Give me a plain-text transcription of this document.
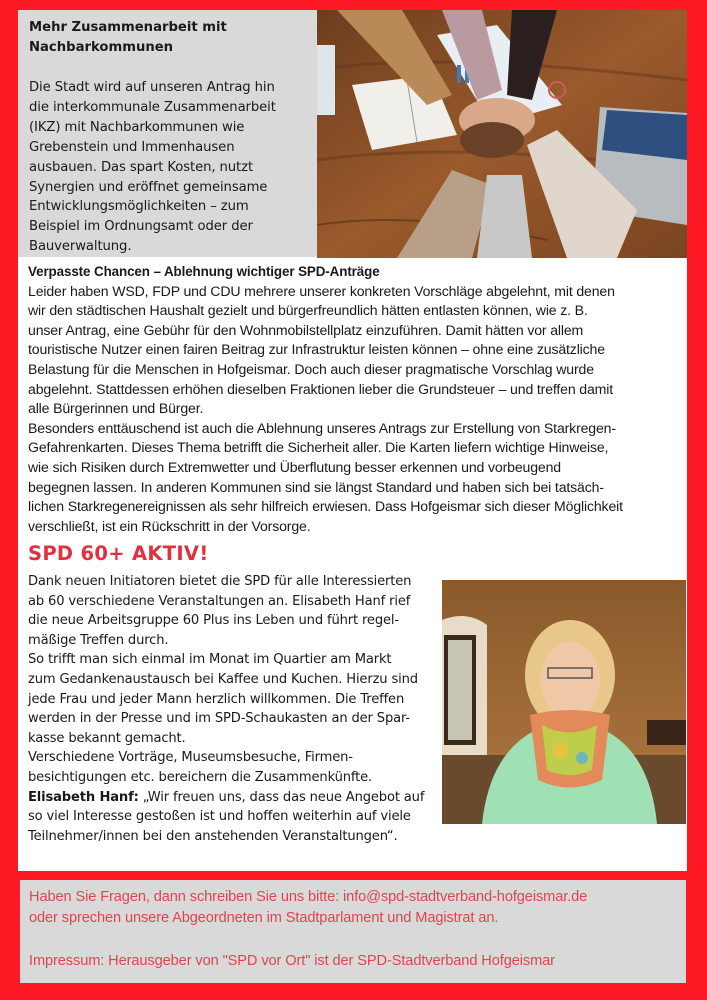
Mehr Zusammenarbeit mit
Nachbarkommunen

Die Stadt wird auf unseren Antrag hin
die interkommunale Zusammenarbeit
(IKZ) mit Nachbarkommunen wie
Grebenstein und Immenhausen
ausbauen. Das spart Kosten, nutzt
Synergien und eröffnet gemeinsame
Entwicklungsmöglichkeiten – zum
Beispiel im Ordnungsamt oder der
Bauverwaltung.

Verpasste Chancen – Ablehnung wichtiger SPD-Anträge

Leider haben WSD, FDP und CDU mehrere unserer konkreten Vorschläge abgelehnt, mit denen
wir den städtischen Haushalt gezielt und bürgerfreundlich hätten entlasten können, wie z. B.
unser Antrag, eine Gebühr für den Wohnmobilstellplatz einzuführen. Damit hätten vor allem
touristische Nutzer einen fairen Beitrag zur Infrastruktur leisten können – ohne eine zusätzliche
Belastung für die Menschen in Hofgeismar. Doch auch dieser pragmatische Vorschlag wurde
abgelehnt. Stattdessen erhöhen dieselben Fraktionen lieber die Grundsteuer – und treffen damit
alle Bürgerinnen und Bürger.
Besonders enttäuschend ist auch die Ablehnung unseres Antrags zur Erstellung von Starkregen-
Gefahrenkarten. Dieses Thema betrifft die Sicherheit aller. Die Karten liefern wichtige Hinweise,
wie sich Risiken durch Extremwetter und Überflutung besser erkennen und vorbeugend
begegnen lassen. In anderen Kommunen sind sie längst Standard und haben sich bei tatsäch-
lichen Starkregenereignissen als sehr hilfreich erwiesen. Dass Hofgeismar sich dieser Möglichkeit
verschließt, ist ein Rückschritt in der Vorsorge.

SPD 60+ AKTIV!

Dank neuen Initiatoren bietet die SPD für alle Interessierten
ab 60 verschiedene Veranstaltungen an. Elisabeth Hanf rief
die neue Arbeitsgruppe 60 Plus ins Leben und führt regel-
mäßige Treffen durch.
So trifft man sich einmal im Monat im Quartier am Markt
zum Gedankenaustausch bei Kaffee und Kuchen. Hierzu sind
jede Frau und jeder Mann herzlich willkommen. Die Treffen
werden in der Presse und im SPD-Schaukasten an der Spar-
kasse bekannt gemacht.
Verschiedene Vorträge, Museumsbesuche, Firmen-
besichtigungen etc. bereichern die Zusammenkünfte.
Elisabeth Hanf: „Wir freuen uns, dass das neue Angebot auf
so viel Interesse gestoßen ist und hoffen weiterhin auf viele
Teilnehmer/innen bei den anstehenden Veranstaltungen“.

Haben Sie Fragen, dann schreiben Sie uns bitte: info@spd-stadtverband-hofgeismar.de

oder sprechen unsere Abgeordneten im Stadtparlament und Magistrat an.

Impressum: Herausgeber von "SPD vor Ort" ist der SPD-Stadtverband Hofgeismar
